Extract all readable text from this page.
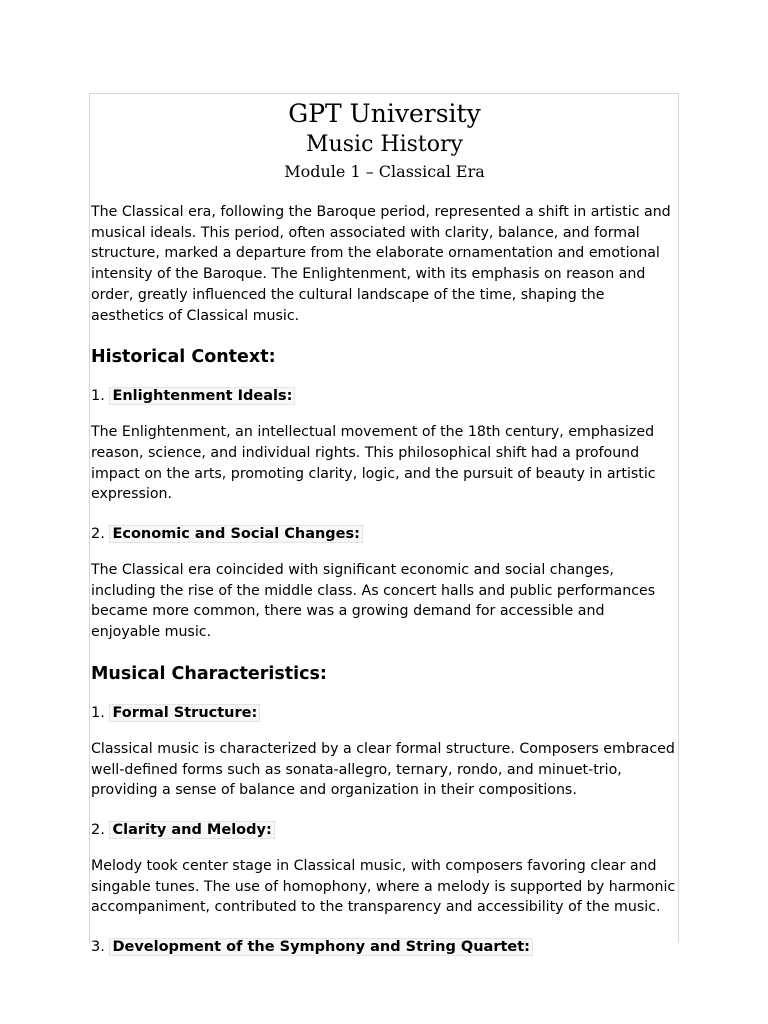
GPT University
Music History
Module 1 – Classical Era

The Classical era, following the Baroque period, represented a shift in artistic and musical ideals. This period, often associated with clarity, balance, and formal structure, marked a departure from the elaborate ornamentation and emotional intensity of the Baroque. The Enlightenment, with its emphasis on reason and order, greatly influenced the cultural landscape of the time, shaping the aesthetics of Classical music.

Historical Context:
1. Enlightenment Ideals:

The Enlightenment, an intellectual movement of the 18th century, emphasized reason, science, and individual rights. This philosophical shift had a profound impact on the arts, promoting clarity, logic, and the pursuit of beauty in artistic expression.

2. Economic and Social Changes:

The Classical era coincided with significant economic and social changes, including the rise of the middle class. As concert halls and public performances became more common, there was a growing demand for accessible and enjoyable music.

Musical Characteristics:
1. Formal Structure:

Classical music is characterized by a clear formal structure. Composers embraced well-defined forms such as sonata-allegro, ternary, rondo, and minuet-trio, providing a sense of balance and organization in their compositions.

2. Clarity and Melody:

Melody took center stage in Classical music, with composers favoring clear and singable tunes. The use of homophony, where a melody is supported by harmonic accompaniment, contributed to the transparency and accessibility of the music.

3. Development of the Symphony and String Quartet:
